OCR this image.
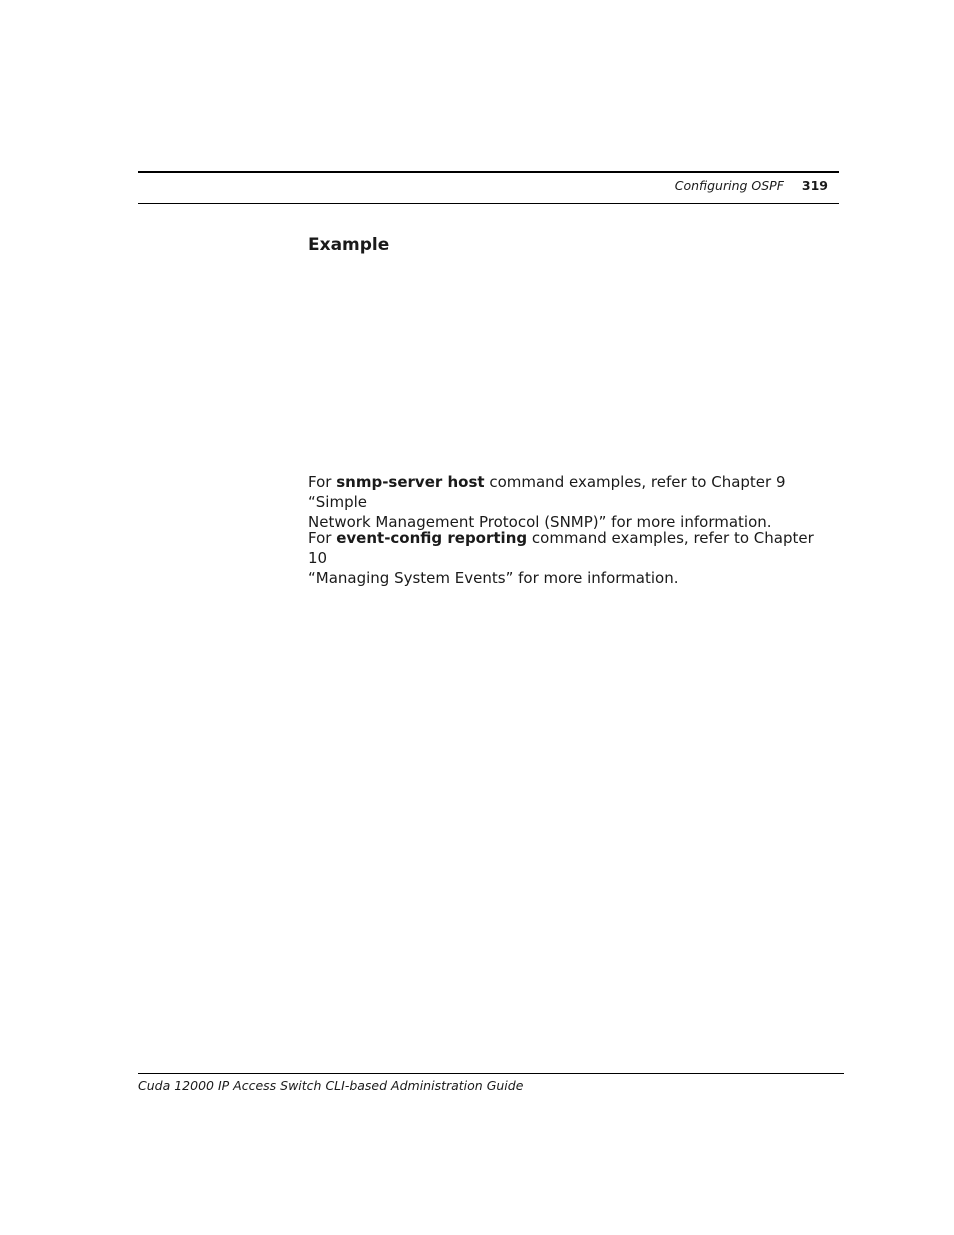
Configuring OSPF 319
Example

For snmp-server host command examples, refer to Chapter 9 “Simple
Network Management Protocol (SNMP)” for more information.

For event-config reporting command examples, refer to Chapter 10
“Managing System Events” for more information.

Cuda 12000 IP Access Switch CLI-based Administration Guide
